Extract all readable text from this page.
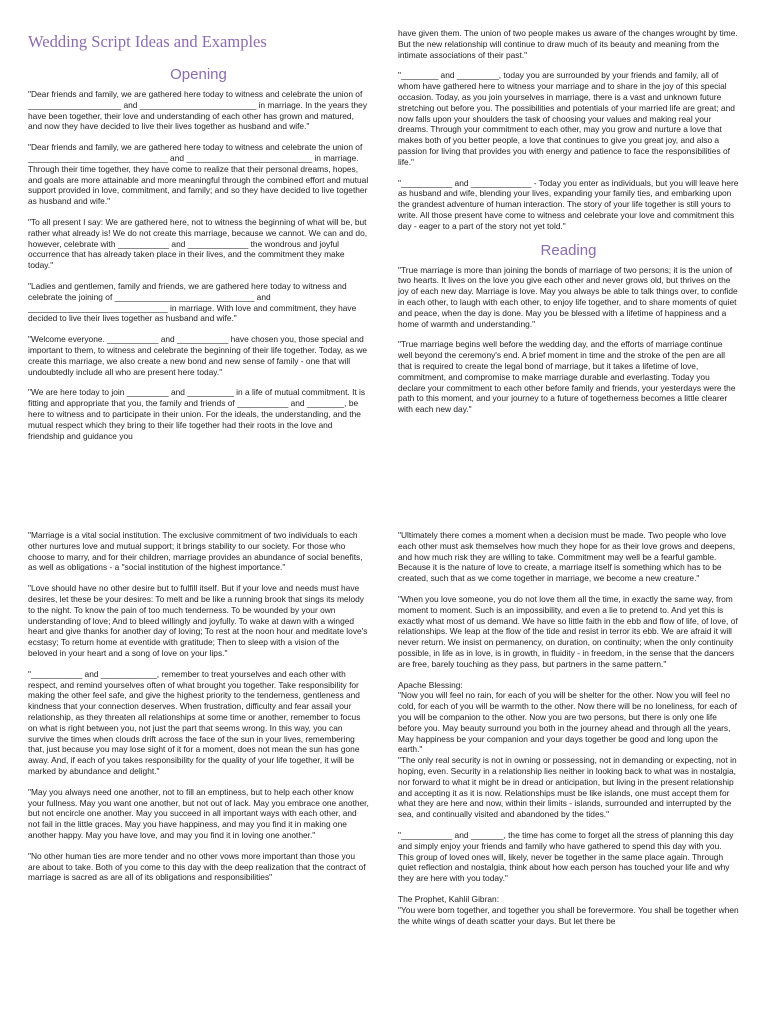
Wedding Script Ideas and Examples
Opening

"Dear friends and family, we are gathered here today to witness and celebrate the union of ____________________ and _________________________ in marriage. In the years they have been together, their love and understanding of each other has grown and matured, and now they have decided to live their lives together as husband and wife."

"Dear friends and family, we are gathered here today to witness and celebrate the union of ______________________________ and ___________________________ in marriage. Through their time together, they have come to realize that their personal dreams, hopes, and goals are more attainable and more meaningful through the combined effort and mutual support provided in love, commitment, and family; and so they have decided to live together as husband and wife."

"To all present I say: We are gathered here, not to witness the beginning of what will be, but rather what already is! We do not create this marriage, because we cannot. We can and do, however, celebrate with ___________ and _____________ the wondrous and joyful occurrence that has already taken place in their lives, and the commitment they make today."

"Ladies and gentlemen, family and friends, we are gathered here today to witness and celebrate the joining of ______________________________ and ______________________________ in marriage. With love and commitment, they have decided to live their lives together as husband and wife."

"Welcome everyone. ___________ and ___________ have chosen you, those special and important to them, to witness and celebrate the beginning of their life together. Today, as we create this marriage, we also create a new bond and new sense of family - one that will undoubtedly include all who are present here today."

"We are here today to join _________ and __________ in a life of mutual commitment. It is fitting and appropriate that you, the family and friends of ___________ and ________, be here to witness and to participate in their union. For the ideals, the understanding, and the mutual respect which they bring to their life together had their roots in the love and friendship and guidance you

have given them. The union of two people makes us aware of the changes wrought by time. But the new relationship will continue to draw much of its beauty and meaning from the intimate associations of their past."

"________ and _________, today you are surrounded by your friends and family, all of whom have gathered here to witness your marriage and to share in the joy of this special occasion. Today, as you join yourselves in marriage, there is a vast and unknown future stretching out before you. The possibilities and potentials of your married life are great; and now falls upon your shoulders the task of choosing your values and making real your dreams. Through your commitment to each other, may you grow and nurture a love that makes both of you better people, a love that continues to give you great joy, and also a passion for living that provides you with energy and patience to face the responsibilities of life."

"___________ and _____________ - Today you enter as individuals, but you will leave here as husband and wife, blending your lives, expanding your family ties, and embarking upon the grandest adventure of human interaction. The story of your life together is still yours to write. All those present have come to witness and celebrate your love and commitment this day - eager to a part of the story not yet told."

Reading

"True marriage is more than joining the bonds of marriage of two persons; it is the union of two hearts. It lives on the love you give each other and never grows old, but thrives on the joy of each new day. Marriage is love. May you always be able to talk things over, to confide in each other, to laugh with each other, to enjoy life together, and to share moments of quiet and peace, when the day is done. May you be blessed with a lifetime of happiness and a home of warmth and understanding."

"True marriage begins well before the wedding day, and the efforts of marriage continue well beyond the ceremony's end. A brief moment in time and the stroke of the pen are all that is required to create the legal bond of marriage, but it takes a lifetime of love, commitment, and compromise to make marriage durable and everlasting. Today you declare your commitment to each other before family and friends, your yesterdays were the path to this moment, and your journey to a future of togetherness becomes a little clearer with each new day."

"Marriage is a vital social institution. The exclusive commitment of two individuals to each other nurtures love and mutual support; it brings stability to our society. For those who choose to marry, and for their children, marriage provides an abundance of social benefits, as well as obligations - a "social institution of the highest importance."

"Love should have no other desire but to fulfill itself. But if your love and needs must have desires, let these be your desires: To melt and be like a running brook that sings its melody to the night. To know the pain of too much tenderness. To be wounded by your own understanding of love; And to bleed willingly and joyfully. To wake at dawn with a winged heart and give thanks for another day of loving; To rest at the noon hour and meditate love's ecstasy; To return home at eventide with gratitude; Then to sleep with a vision of the beloved in your heart and a song of love on your lips."

"___________ and ____________, remember to treat yourselves and each other with respect, and remind yourselves often of what brought you together. Take responsibility for making the other feel safe, and give the highest priority to the tenderness, gentleness and kindness that your connection deserves. When frustration, difficulty and fear assail your relationship, as they threaten all relationships at some time or another, remember to focus on what is right between you, not just the part that seems wrong. In this way, you can survive the times when clouds drift across the face of the sun in your lives, remembering that, just because you may lose sight of it for a moment, does not mean the sun has gone away. And, if each of you takes responsibility for the quality of your life together, it will be marked by abundance and delight."

"May you always need one another, not to fill an emptiness, but to help each other know your fullness. May you want one another, but not out of lack. May you embrace one another, but not encircle one another. May you succeed in all important ways with each other, and not fail in the little graces. May you have happiness, and may you find it in making one another happy. May you have love, and may you find it in loving one another."

"No other human ties are more tender and no other vows more important than those you are about to take. Both of you come to this day with the deep realization that the contract of marriage is sacred as are all of its obligations and responsibilities"

"Ultimately there comes a moment when a decision must be made. Two people who love each other must ask themselves how much they hope for as their love grows and deepens, and how much risk they are willing to take. Commitment may well be a fearful gamble. Because it is the nature of love to create, a marriage itself is something which has to be created, such that as we come together in marriage, we become a new creature."

"When you love someone, you do not love them all the time, in exactly the same way, from moment to moment. Such is an impossibility, and even a lie to pretend to. And yet this is exactly what most of us demand. We have so little faith in the ebb and flow of life, of love, of relationships. We leap at the flow of the tide and resist in terror its ebb. We are afraid it will never return. We insist on permanency, on duration, on continuity; when the only continuity possible, in life as in love, is in growth, in fluidity - in freedom, in the sense that the dancers are free, barely touching as they pass, but partners in the same pattern."

Apache Blessing:

"Now you will feel no rain, for each of you will be shelter for the other. Now you will feel no cold, for each of you will be warmth to the other. Now there will be no loneliness, for each of you will be companion to the other. Now you are two persons, but there is only one life before you. May beauty surround you both in the journey ahead and through all the years, May happiness be your companion and your days together be good and long upon the earth."

"The only real security is not in owning or possessing, not in demanding or expecting, not in hoping, even. Security in a relationship lies neither in looking back to what was in nostalgia, nor forward to what it might be in dread or anticipation, but living in the present relationship and accepting it as it is now. Relationships must be like islands, one must accept them for what they are here and now, within their limits - islands, surrounded and interrupted by the sea, and continually visited and abandoned by the tides."

"___________ and _______, the time has come to forget all the stress of planning this day and simply enjoy your friends and family who have gathered to spend this day with you. This group of loved ones will, likely, never be together in the same place again. Through quiet reflection and nostalgia, think about how each person has touched your life and why they are here with you today."

The Prophet, Kahlil Gibran:

"You were born together, and together you shall be forevermore. You shall be together when the white wings of death scatter your days. But let there be
